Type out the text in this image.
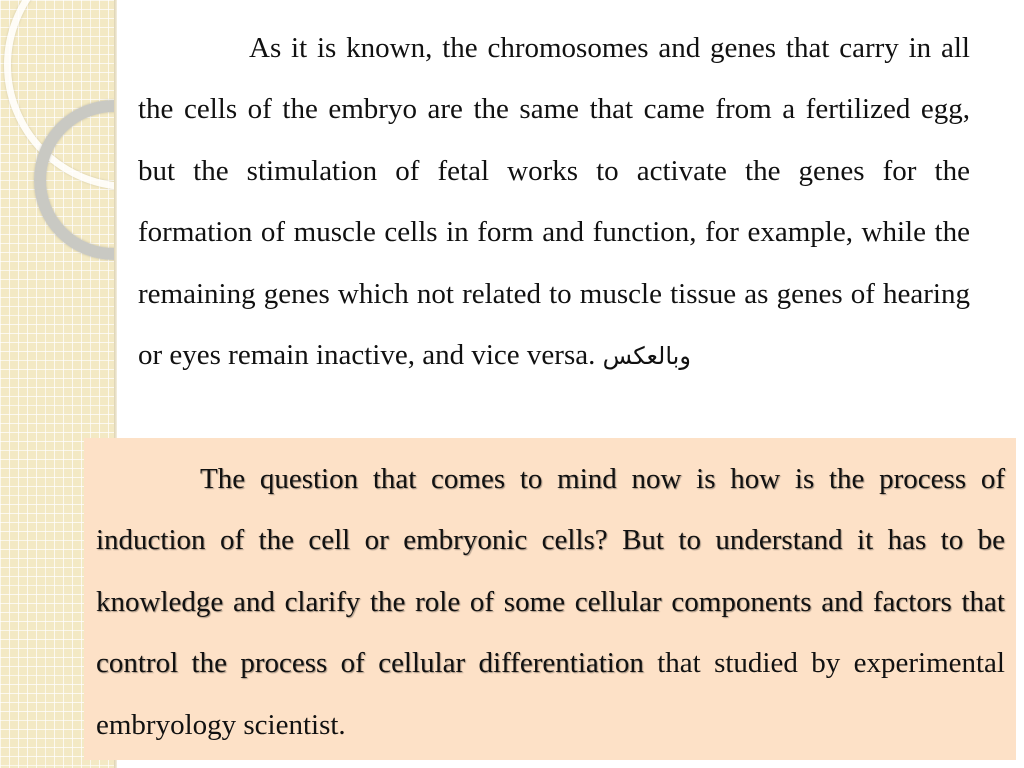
As it is known, the chromosomes and genes that carry in all the cells of the embryo are the same that came from a fertilized egg, but the stimulation of fetal works to activate the genes for the formation of muscle cells in form and function, for example, while the remaining genes which not related to muscle tissue as genes of hearing or eyes remain inactive, and vice versa. وبالعكس

The question that comes to mind now is how is the process of induction of the cell or embryonic cells? But to understand it has to be knowledge and clarify the role of some cellular components and factors that control the process of cellular differentiation that studied by experimental embryology scientist.
